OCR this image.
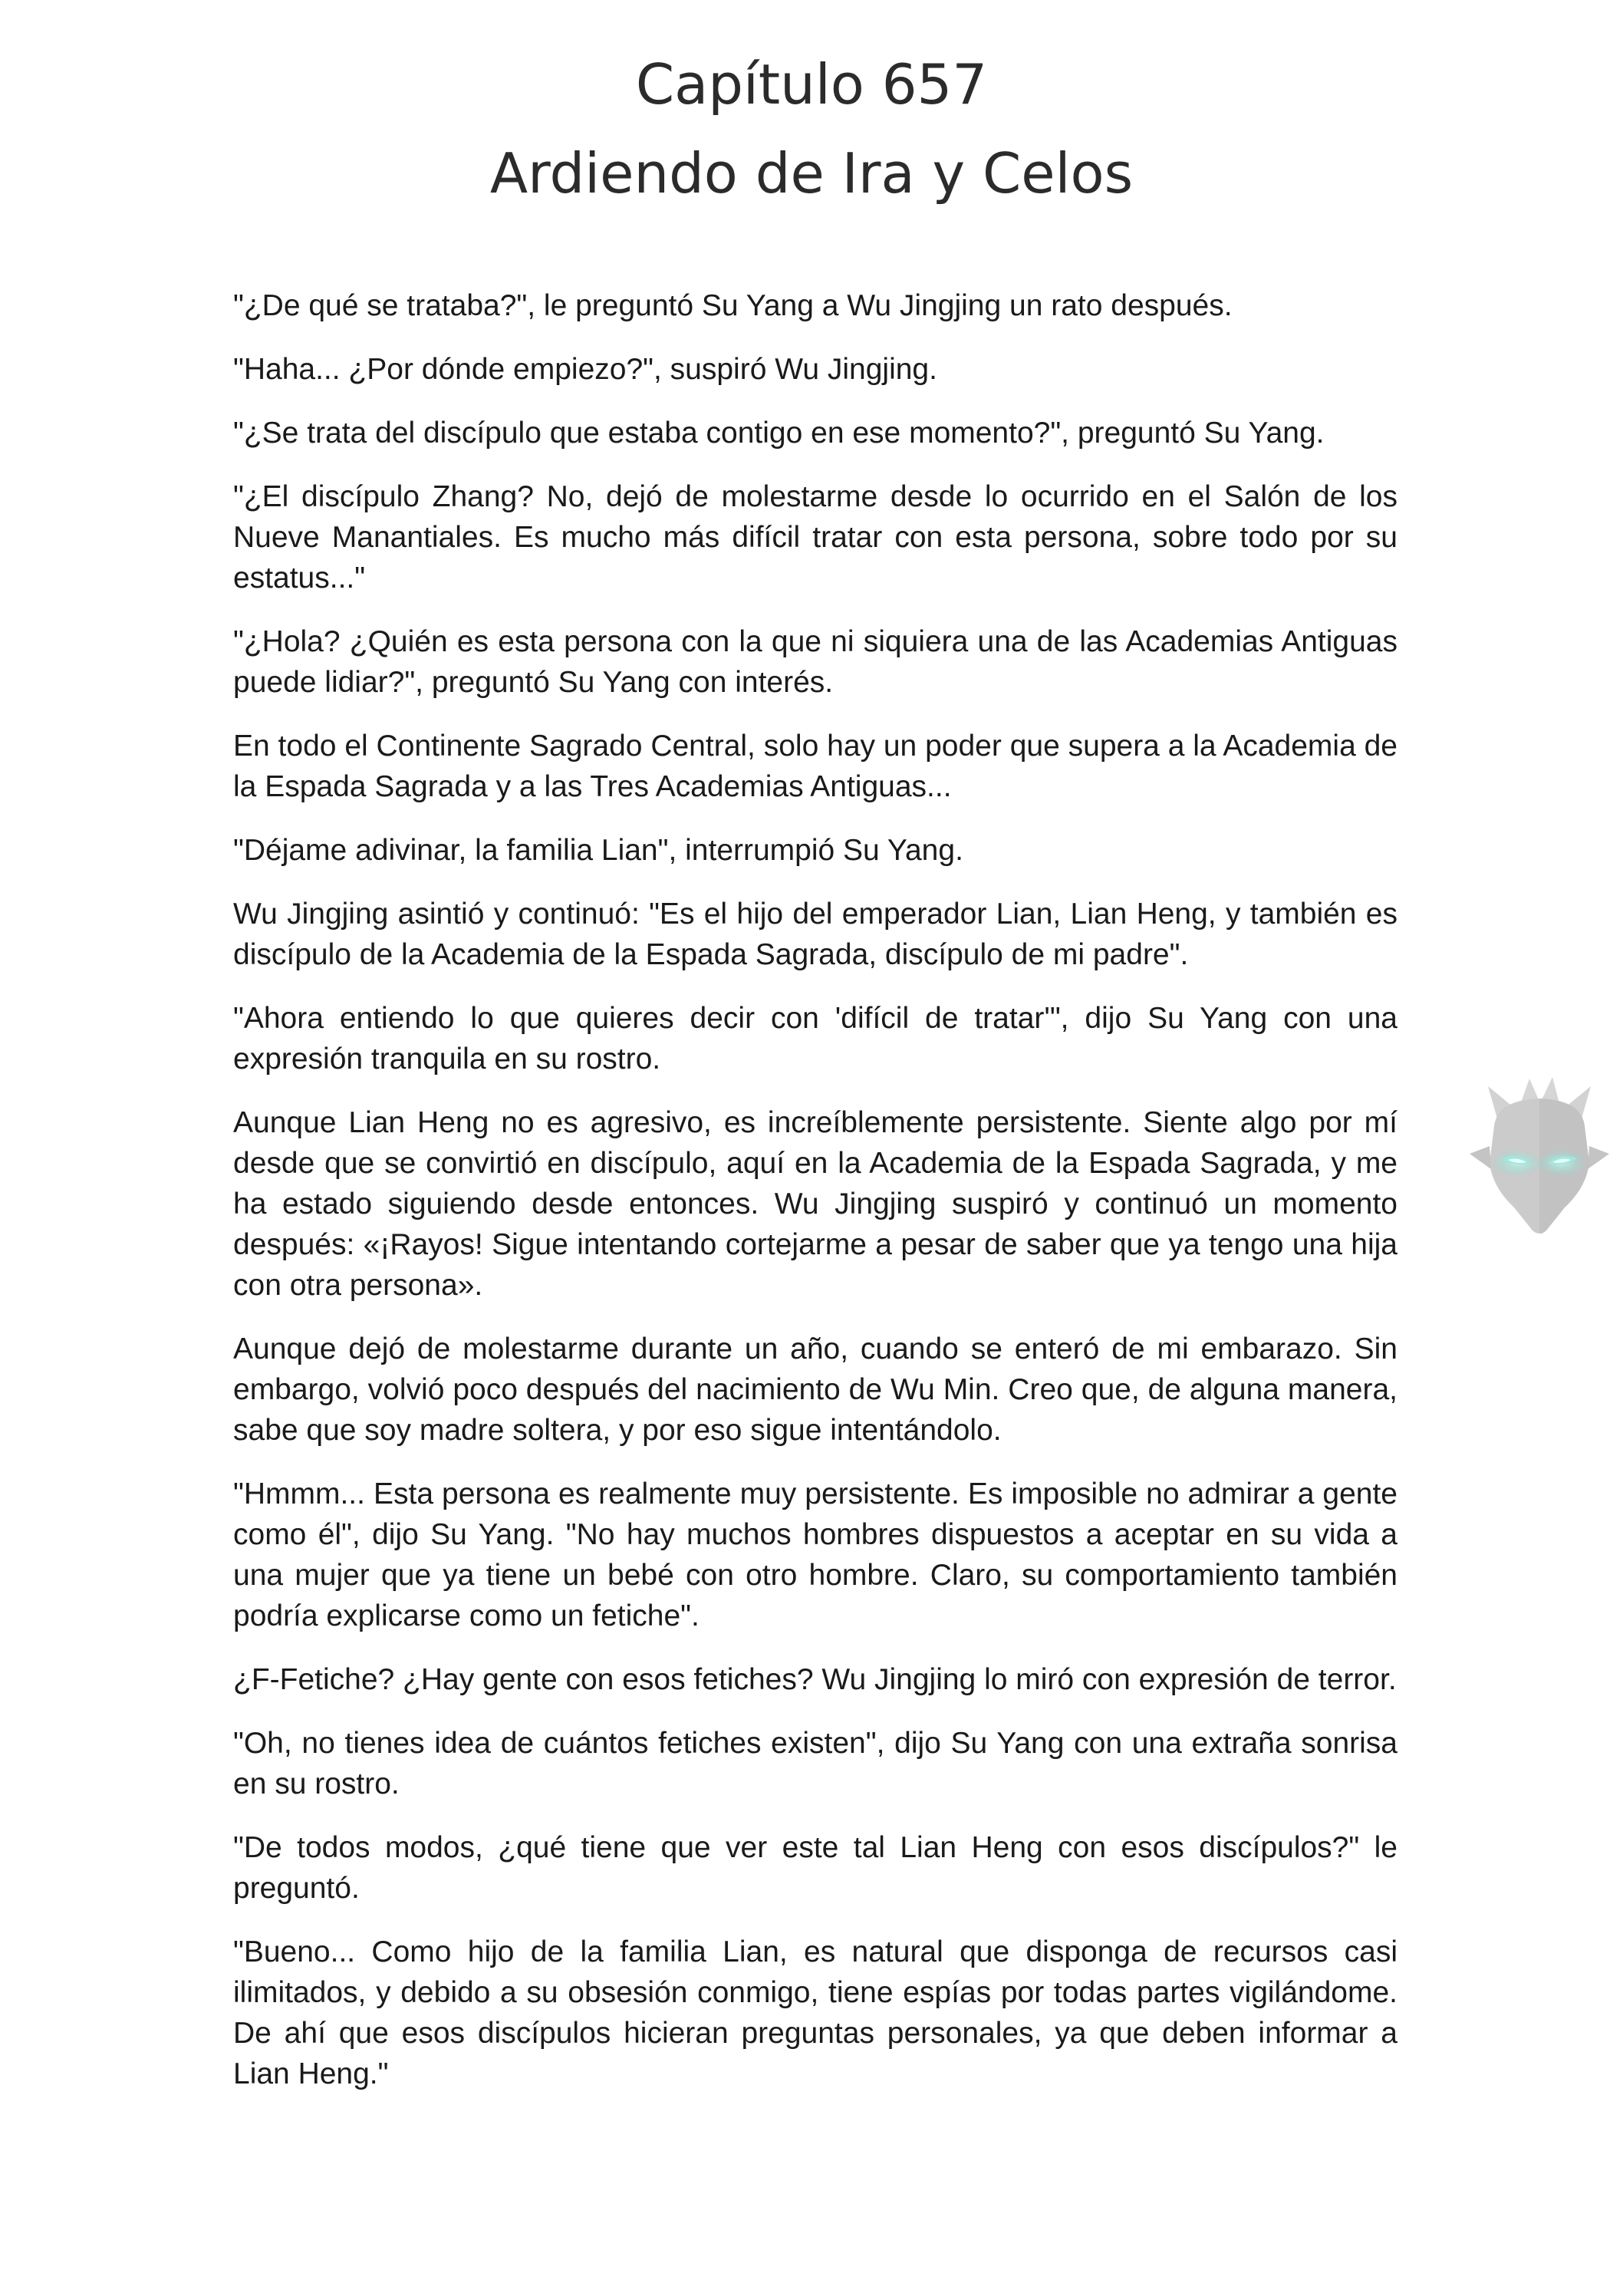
Capítulo 657
Ardiendo de Ira y Celos

"¿De qué se trataba?", le preguntó Su Yang a Wu Jingjing un rato después.

"Haha... ¿Por dónde empiezo?", suspiró Wu Jingjing.

"¿Se trata del discípulo que estaba contigo en ese momento?", preguntó Su Yang.

"¿El discípulo Zhang? No, dejó de molestarme desde lo ocurrido en el Salón de los Nueve Manantiales. Es mucho más difícil tratar con esta persona, sobre todo por su estatus..."

"¿Hola? ¿Quién es esta persona con la que ni siquiera una de las Academias Antiguas puede lidiar?", preguntó Su Yang con interés.

En todo el Continente Sagrado Central, solo hay un poder que supera a la Academia de la Espada Sagrada y a las Tres Academias Antiguas...

"Déjame adivinar, la familia Lian", interrumpió Su Yang.

Wu Jingjing asintió y continuó: "Es el hijo del emperador Lian, Lian Heng, y también es discípulo de la Academia de la Espada Sagrada, discípulo de mi padre".

"Ahora entiendo lo que quieres decir con 'difícil de tratar'", dijo Su Yang con una expresión tranquila en su rostro.

Aunque Lian Heng no es agresivo, es increíblemente persistente. Siente algo por mí desde que se convirtió en discípulo, aquí en la Academia de la Espada Sagrada, y me ha estado siguiendo desde entonces. Wu Jingjing suspiró y continuó un momento después: «¡Rayos! Sigue intentando cortejarme a pesar de saber que ya tengo una hija con otra persona».

Aunque dejó de molestarme durante un año, cuando se enteró de mi embarazo. Sin embargo, volvió poco después del nacimiento de Wu Min. Creo que, de alguna manera, sabe que soy madre soltera, y por eso sigue intentándolo.

"Hmmm... Esta persona es realmente muy persistente. Es imposible no admirar a gente como él", dijo Su Yang. "No hay muchos hombres dispuestos a aceptar en su vida a una mujer que ya tiene un bebé con otro hombre. Claro, su comportamiento también podría explicarse como un fetiche".

¿F-Fetiche? ¿Hay gente con esos fetiches? Wu Jingjing lo miró con expresión de terror.

"Oh, no tienes idea de cuántos fetiches existen", dijo Su Yang con una extraña sonrisa en su rostro.

"De todos modos, ¿qué tiene que ver este tal Lian Heng con esos discípulos?" le preguntó.

"Bueno... Como hijo de la familia Lian, es natural que disponga de recursos casi ilimitados, y debido a su obsesión conmigo, tiene espías por todas partes vigilándome. De ahí que esos discípulos hicieran preguntas personales, ya que deben informar a Lian Heng."
